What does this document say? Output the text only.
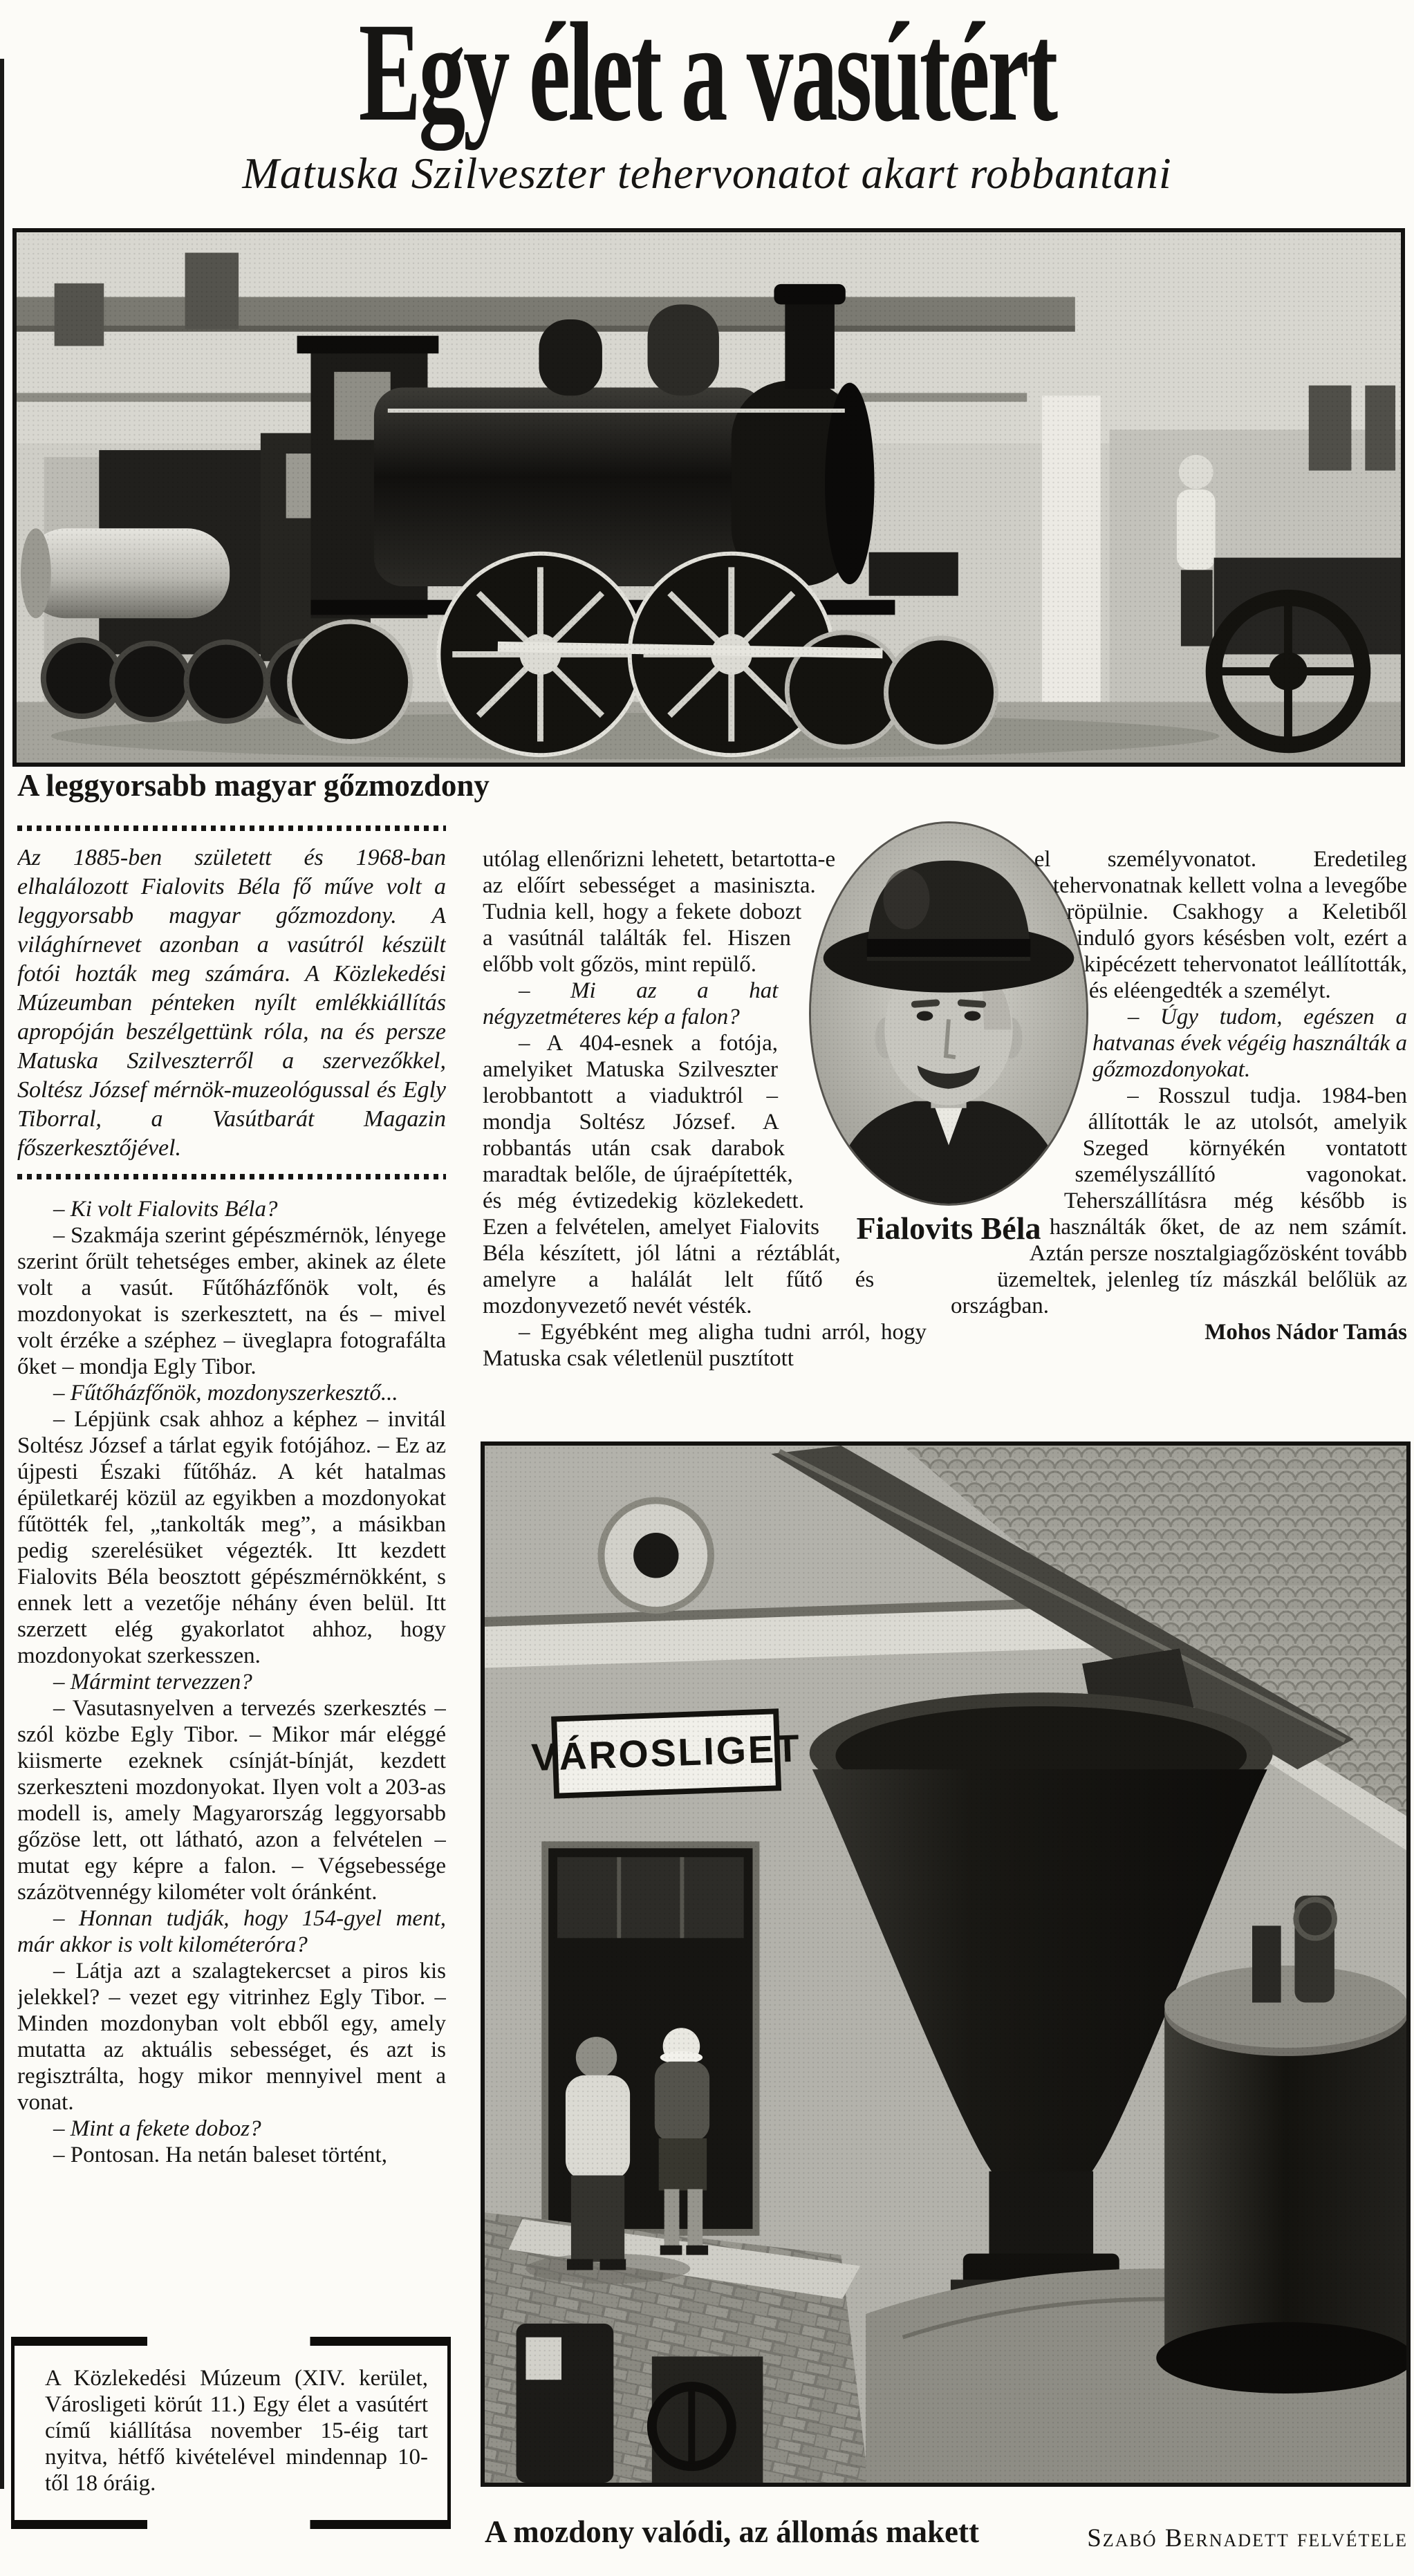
Egy élet a vasútért
Matuska Szilveszter tehervonatot akart robbantani
A leggyorsabb magyar gőzmozdony
Fialovits Béla
Az 1885-ben született és 1968-ban elhalálozott Fialovits Béla fő műve volt a leggyorsabb magyar gőzmozdony. A világhírnevet azonban a vasútról készült fotói hozták meg számára. A Közlekedési Múzeumban pénteken nyílt emlékkiállítás apropóján beszélgettünk róla, na és persze Matuska Szilveszterről a szervezőkkel, Soltész József mérnök-muzeológussal és Egly Tiborral, a Vasútbarát Magazin főszerkesztőjével.

– Ki volt Fialovits Béla?

– Szakmája szerint gépészmérnök, lényege szerint őrült tehetséges ember, akinek az élete volt a vasút. Fűtőházfőnök volt, és mozdonyokat is szerkesztett, na és – mivel volt érzéke a széphez – üveglapra fotografálta őket – mondja Egly Tibor.

– Fűtőházfőnök, mozdonyszerkesztő...

– Lépjünk csak ahhoz a képhez – invitál Soltész József a tárlat egyik fotójához. – Ez az újpesti Északi fűtőház. A két hatalmas épületkaréj közül az egyikben a mozdonyokat fűtötték fel, „tankolták meg”, a másikban pedig szerelésüket végezték. Itt kezdett Fialovits Béla beosztott gépészmérnökként, s ennek lett a vezetője néhány éven belül. Itt szerzett elég gyakorlatot ahhoz, hogy mozdonyokat szerkesszen.

– Mármint tervezzen?

– Vasutasnyelven a tervezés szerkesztés – szól közbe Egly Tibor. – Mikor már eléggé kiismerte ezeknek csínját-bínját, kezdett szerkeszteni mozdonyokat. Ilyen volt a 203-as modell is, amely Magyarország leggyorsabb gőzöse lett, ott látható, azon a felvételen – mutat egy képre a falon. – Végsebessége százötvennégy kilométer volt óránként.

– Honnan tudják, hogy 154-gyel ment, már akkor is volt kilométeróra?

– Látja azt a szalagtekercset a piros kis jelekkel? – vezet egy vitrinhez Egly Tibor. – Minden mozdonyban volt ebből egy, amely mutatta az aktuális sebességet, és azt is regisztrálta, hogy mikor mennyivel ment a vonat.

– Mint a fekete doboz?

– Pontosan. Ha netán baleset történt,

utólag ellenőrizni lehetett, betartotta-e az előírt sebességet a masiniszta. Tudnia kell, hogy a fekete dobozt a vasútnál találták fel. Hiszen előbb volt gőzös, mint repülő.

– Mi az a hat négyzetméteres kép a falon?

– A 404-esnek a fotója, amelyiket Matuska Szilveszter lerobbantott a viaduktról – mondja Soltész József. A robbantás után csak darabok maradtak belőle, de újraépítették, és még évtizedekig közlekedett. Ezen a felvételen, amelyet Fialovits Béla készített, jól látni a réztáblát, amelyre a halálát lelt fűtő és mozdonyvezető nevét vésték.

– Egyébként meg aligha tudni arról, hogy Matuska csak véletlenül pusztított

el személyvonatot. Eredetileg tehervonatnak kellett volna a levegőbe röpülnie. Csakhogy a Keletiből induló gyors késésben volt, ezért a kipécézett tehervonatot leállították, és eléengedték a személyt.

– Úgy tudom, egészen a hatvanas évek végéig használták a gőzmozdonyokat.

– Rosszul tudja. 1984-ben állították le az utolsót, amelyik Szeged környékén vontatott személyszállító vagonokat. Teherszállításra még később is használták őket, de az nem számít. Aztán persze nosztalgiagőzösként tovább üzemeltek, jelenleg tíz mászkál belőlük az országban.

Mohos Nádor Tamás

A Közlekedési Múzeum (XIV. kerület, Városligeti körút 11.) Egy élet a vasútért című kiállítása november 15-éig tart nyitva, hétfő kivételével mindennap 10-től 18 óráig.
A mozdony valódi, az állomás makett	Szabó Bernadett felvétele
